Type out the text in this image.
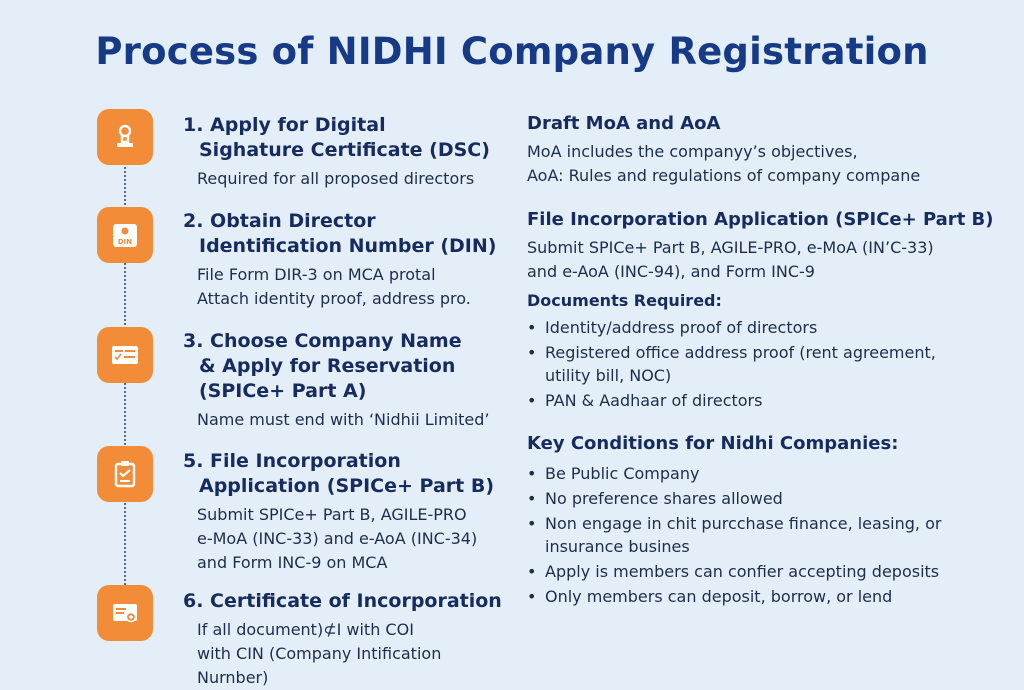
Process of NIDHI Company Registration
DIN
1. Apply for Digital
Sighature Certificate (DSC)
Required for all proposed directors
2. Obtain Director
Identification Number (DIN)
File Form DIR-3 on MCA protal
Attach identity proof, address pro.
3. Choose Company Name
& Apply for Reservation
(SPICe+ Part A)
Name must end with ‘Nidhii Limited’
5. File Incorporation
Application (SPICe+ Part B)
Submit SPICe+ Part B, AGILE-PRO
e-MoA (INC-33) and e-AoA (INC-34)
and Form INC-9 on MCA
6. Certificate of Incorporation
If all document)⊄I with COI
with CIN (Company Intification Nurnber)
Draft MoA and AoA
MoA includes the companyy’s objectives,
AoA: Rules and regulations of company compane
File Incorporation Application (SPICe+ Part B)
Submit SPICe+ Part B, AGILE-PRO, e-MoA (IN’C-33)
and e-AoA (INC-94), and Form INC-9
Documents Required:
• Identity/address proof of directors
• Registered office address proof (rent agreement, utility bill, NOC)
• PAN & Aadhaar of directors
Key Conditions for Nidhi Companies:
• Be Public Company
• No preference shares allowed
• Non engage in chit purcchase finance, leasing, or insurance busines
• Apply is members can confier accepting deposits
• Only members can deposit, borrow, or lend
